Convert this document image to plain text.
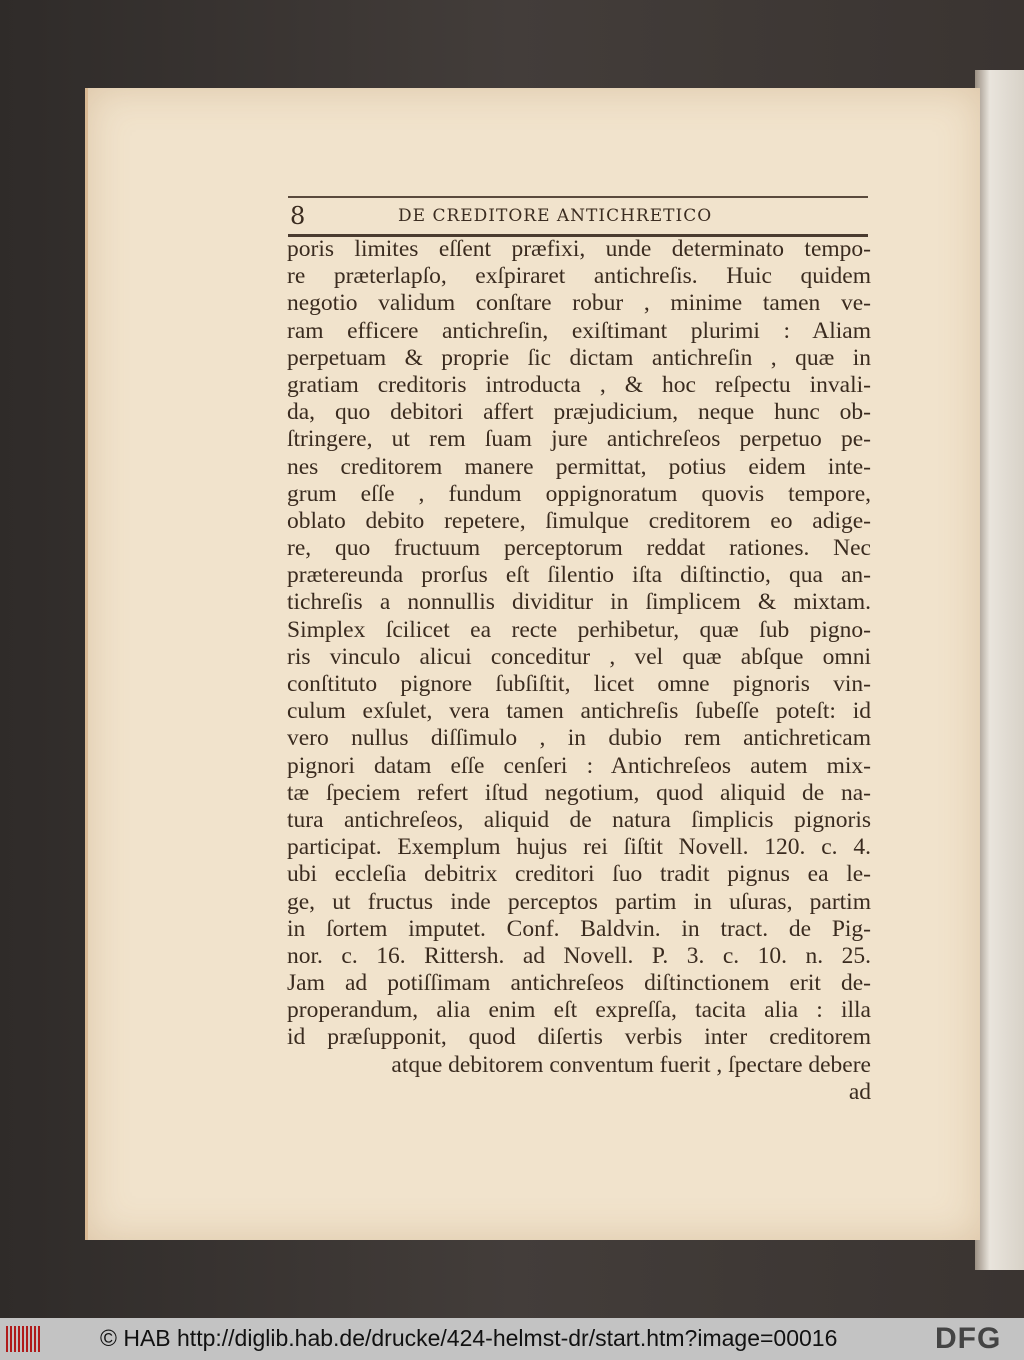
8	DE CREDITORE ANTICHRETICO
poris limites eſſent præfixi, unde determinato tempo-
re præterlapſo, exſpiraret antichreſis. Huic quidem
negotio validum conſtare robur , minime tamen ve-
ram efficere antichreſin, exiſtimant plurimi : Aliam
perpetuam & proprie ſic dictam antichreſin , quæ in
gratiam creditoris introducta , & hoc reſpectu invali-
da, quo debitori affert præjudicium, neque hunc ob-
ſtringere, ut rem ſuam jure antichreſeos perpetuo pe-
nes creditorem manere permittat, potius eidem inte-
grum eſſe , fundum oppignoratum quovis tempore,
oblato debito repetere, ſimulque creditorem eo adige-
re, quo fructuum perceptorum reddat rationes. Nec
prætereunda prorſus eſt ſilentio iſta diſtinctio, qua an-
tichreſis a nonnullis dividitur in ſimplicem & mixtam.
Simplex ſcilicet ea recte perhibetur, quæ ſub pigno-
ris vinculo alicui conceditur , vel quæ abſque omni
conſtituto pignore ſubſiſtit, licet omne pignoris vin-
culum exſulet, vera tamen antichreſis ſubeſſe poteſt: id
vero nullus diſſimulo , in dubio rem antichreticam
pignori datam eſſe cenſeri : Antichreſeos autem mix-
tæ ſpeciem refert iſtud negotium, quod aliquid de na-
tura antichreſeos, aliquid de natura ſimplicis pignoris
participat. Exemplum hujus rei ſiſtit Novell. 120. c. 4.
ubi eccleſia debitrix creditori ſuo tradit pignus ea le-
ge, ut fructus inde perceptos partim in uſuras, partim
in ſortem imputet. Conf. Baldvin. in tract. de Pig-
nor. c. 16. Rittersh. ad Novell. P. 3. c. 10. n. 25.
Jam ad potiſſimam antichreſeos diſtinctionem erit de-
properandum, alia enim eſt expreſſa, tacita alia : illa
id præſupponit, quod diſertis verbis inter creditorem
atque debitorem conventum fuerit , ſpectare debere
ad
© HAB http://diglib.hab.de/drucke/424-helmst-dr/start.htm?image=00016	DFG
